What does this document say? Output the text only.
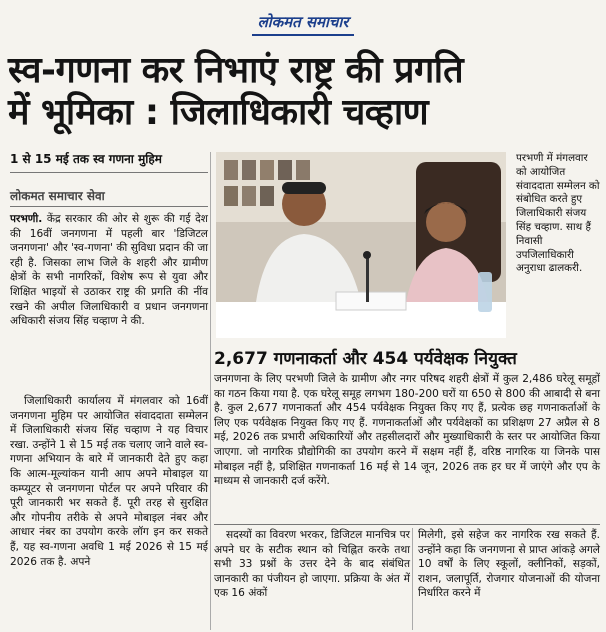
लोकमत समाचार
स्व-गणना कर निभाएं राष्ट्र की प्रगति
में भूमिका : जिलाधिकारी चव्हाण
1 से 15 मई तक स्व गणना मुहिम
लोकमत समाचार सेवा

परभणी. केंद्र सरकार की ओर से शुरू की गई देश की 16वीं जनगणना में पहली बार 'डिजिटल जनगणना' और 'स्व-गणना' की सुविधा प्रदान की जा रही है. जिसका लाभ जिले के शहरी और ग्रामीण क्षेत्रों के सभी नागरिकों, विशेष रूप से युवा और शिक्षित भाइयों से उठाकर राष्ट्र की प्रगति की नींव रखने की अपील जिलाधिकारी व प्रधान जनगणना अधिकारी संजय सिंह चव्हाण ने की.

जिलाधिकारी कार्यालय में मंगलवार को 16वीं जनगणना मुहिम पर आयोजित संवाददाता सम्मेलन में जिलाधिकारी संजय सिंह चव्हाण ने यह विचार रखा. उन्होंने 1 से 15 मई तक चलाए जाने वाले स्व-गणना अभियान के बारे में जानकारी देते हुए कहा कि आत्म-मूल्यांकन यानी आप अपने मोबाइल या कम्प्यूटर से जनगणना पोर्टल पर अपने परिवार की पूरी जानकारी भर सकते हैं. पूरी तरह से सुरक्षित और गोपनीय तरीके से अपने मोबाइल नंबर और आधार नंबर का उपयोग करके लॉग इन कर सकते हैं, यह स्व-गणना अवधि 1 मई 2026 से 15 मई 2026 तक है. अपने

परभणी में मंगलवार को आयोजित संवाददाता सम्मेलन को संबोधित करते हुए जिलाधिकारी संजय सिंह चव्हाण. साथ हैं निवासी उपजिलाधिकारी अनुराधा ढालकरी.
2,677 गणनाकर्ता और 454 पर्यवेक्षक नियुक्त

जनगणना के लिए परभणी जिले के ग्रामीण और नगर परिषद शहरी क्षेत्रों में कुल 2,486 घरेलू समूहों का गठन किया गया है. एक घरेलू समूह लगभग 180-200 घरों या 650 से 800 की आबादी से बना है. कुल 2,677 गणनाकर्ता और 454 पर्यवेक्षक नियुक्त किए गए हैं, प्रत्येक छह गणनाकर्ताओं के लिए एक पर्यवेक्षक नियुक्त किए गए हैं. गणनाकर्ताओं और पर्यवेक्षकों का प्रशिक्षण 27 अप्रैल से 8 मई, 2026 तक प्रभारी अधिकारियों और तहसीलदारों और मुख्याधिकारी के स्तर पर आयोजित किया जाएगा. जो नागरिक प्रौद्योगिकी का उपयोग करने में सक्षम नहीं हैं, वरिष्ठ नागरिक या जिनके पास मोबाइल नहीं है, प्रशिक्षित गणनाकर्ता 16 मई से 14 जून, 2026 तक हर घर में जाएंगे और एप के माध्यम से जानकारी दर्ज करेंगे.

सदस्यों का विवरण भरकर, डिजिटल मानचित्र पर अपने घर के सटीक स्थान को चिह्नित करके तथा सभी 33 प्रश्नों के उत्तर देने के बाद संबंधित जानकारी का पंजीयन हो जाएगा. प्रक्रिया के अंत में एक 16 अंकों

मिलेगी, इसे सहेज कर नागरिक रख सकते हैं. उन्होंने कहा कि जनगणना से प्राप्त आंकड़े अगले 10 वर्षों के लिए स्कूलों, क्लीनिकों, सड़कों, राशन, जलापूर्ति, रोजगार योजनाओं की योजना निर्धारित करने में
